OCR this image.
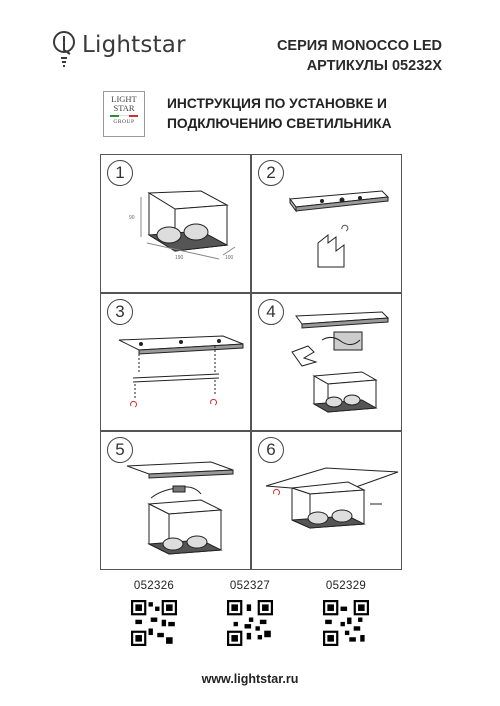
Lightstar	СЕРИЯ MONOCCO LED
АРТИКУЛЫ 05232X
LIGHT
STAR
GROUP
ИНСТРУКЦИЯ ПО УСТАНОВКЕ И
ПОДКЛЮЧЕНИЮ СВЕТИЛЬНИКА
90
190	100
1	2
3	4
5	6
052326	052327	052329
www.lightstar.ru
